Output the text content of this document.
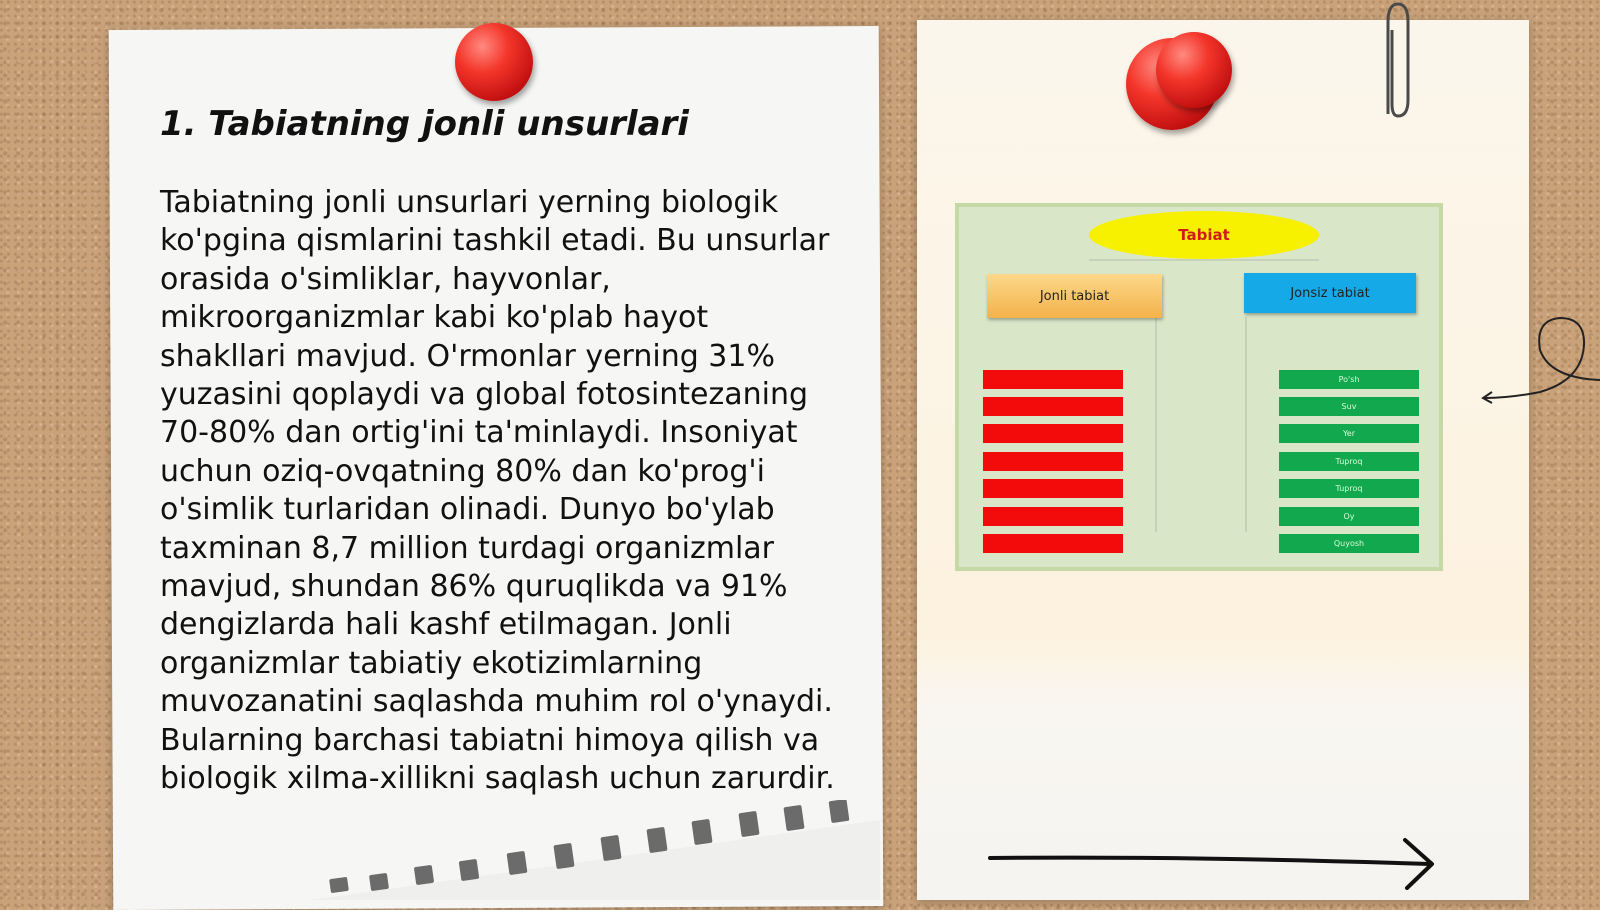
1. Tabiatning jonli unsurlari

Tabiatning jonli unsurlari yerning biologik ko'pgina qismlarini tashkil etadi. Bu unsurlar orasida o'simliklar, hayvonlar, mikroorganizmlar kabi ko'plab hayot shakllari mavjud. O'rmonlar yerning 31% yuzasini qoplaydi va global fotosintezaning 70-80% dan ortig'ini ta'minlaydi. Insoniyat uchun oziq-ovqatning 80% dan ko'prog'i o'simlik turlaridan olinadi. Dunyo bo'ylab taxminan 8,7 million turdagi organizmlar mavjud, shundan 86% quruqlikda va 91% dengizlarda hali kashf etilmagan. Jonli organizmlar tabiatiy ekotizimlarning muvozanatini saqlashda muhim rol o'ynaydi. Bularning barchasi tabiatni himoya qilish va biologik xilma-xillikni saqlash uchun zarurdir.

Tabiat
Jonli tabiat	Jonsiz tabiat
Po'sh
Suv
Yer
Tuproq
Tuproq
Oy
Quyosh
